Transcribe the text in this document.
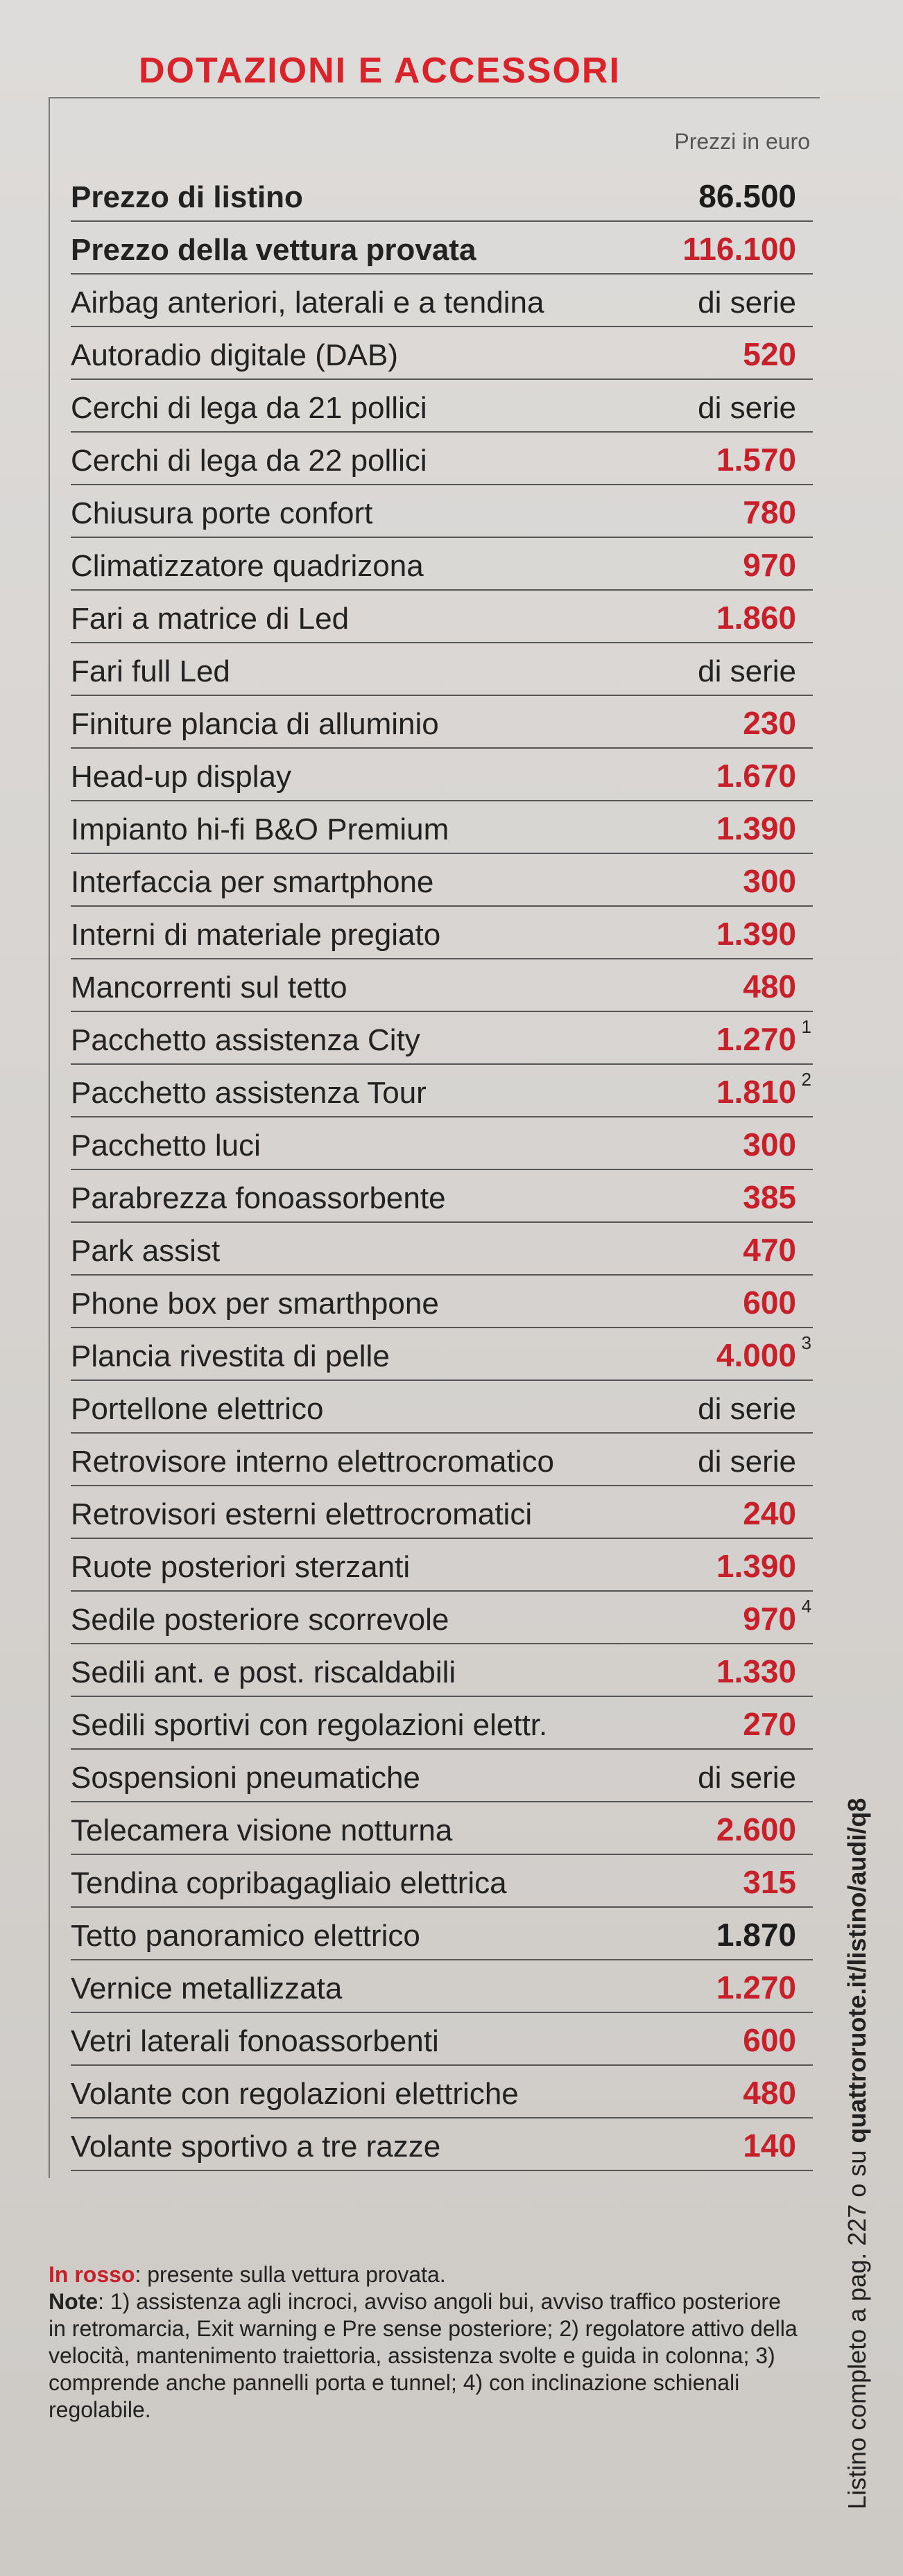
DOTAZIONI E ACCESSORI
Prezzi in euro
Prezzo di listino	86.500
Prezzo della vettura provata	116.100
Airbag anteriori, laterali e a tendina	di serie
Autoradio digitale (DAB)	520
Cerchi di lega da 21 pollici	di serie
Cerchi di lega da 22 pollici	1.570
Chiusura porte confort	780
Climatizzatore quadrizona	970
Fari a matrice di Led	1.860
Fari full Led	di serie
Finiture plancia di alluminio	230
Head-up display	1.670
Impianto hi-fi B&O Premium	1.390
Interfaccia per smartphone	300
Interni di materiale pregiato	1.390
Mancorrenti sul tetto	480
Pacchetto assistenza City	1.270 1
Pacchetto assistenza Tour	1.810 2
Pacchetto luci	300
Parabrezza fonoassorbente	385
Park assist	470
Phone box per smarthpone	600
Plancia rivestita di pelle	4.000 3
Portellone elettrico	di serie
Retrovisore interno elettrocromatico	di serie
Retrovisori esterni elettrocromatici	240
Ruote posteriori sterzanti	1.390
Sedile posteriore scorrevole	970 4
Sedili ant. e post. riscaldabili	1.330
Sedili sportivi con regolazioni elettr.	270
Sospensioni pneumatiche	di serie
Telecamera visione notturna	2.600
Tendina copribagagliaio elettrica	315
Tetto panoramico elettrico	1.870
Vernice metallizzata	1.270
Vetri laterali fonoassorbenti	600
Volante con regolazioni elettriche	480
Volante sportivo a tre razze	140
In rosso: presente sulla vettura provata.
Note: 1) assistenza agli incroci, avviso angoli bui, avviso traffico posteriore in retromarcia, Exit warning e Pre sense posteriore; 2) regolatore attivo della velocità, mantenimento traiettoria, assistenza svolte e guida in colonna; 3) comprende anche pannelli porta e tunnel; 4) con inclinazione schienali regolabile.	Listino completo a pag. 227 o su quattroruote.it/listino/audi/q8
